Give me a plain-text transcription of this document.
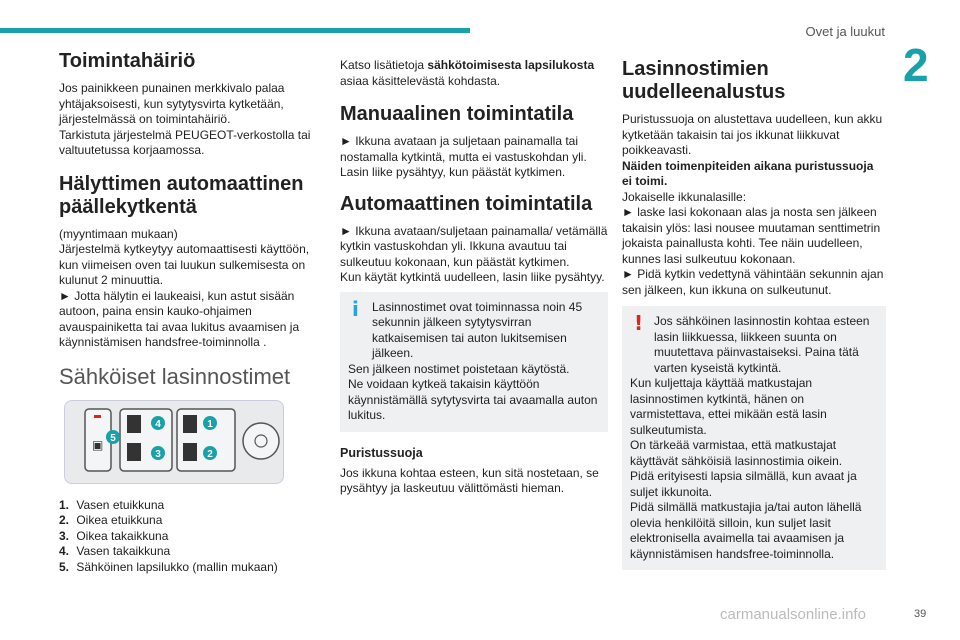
Ovet ja luukut
2
Toimintahäiriö

Jos painikkeen punainen merkkivalo palaa yhtäjaksoisesti, kun sytytysvirta kytketään, järjestelmässä on toimintahäiriö.

Tarkistuta järjestelmä PEUGEOT-verkostolla tai valtuutetussa korjaamossa.

Hälyttimen automaattinen päällekytkentä

(myyntimaan mukaan)

Järjestelmä kytkeytyy automaattisesti käyttöön, kun viimeisen oven tai luukun sulkemisesta on kulunut 2 minuuttia.

► Jotta hälytin ei laukeaisi, kun astut sisään autoon, paina ensin kauko-ohjaimen avauspainiketta tai avaa lukitus avaamisen ja käynnistämisen handsfree-toiminnolla .

Sähköiset lasinnostimet
▣
1
2
3
4
5
1. Vasen etuikkuna
2. Oikea etuikkuna
3. Oikea takaikkuna
4. Vasen takaikkuna
5. Sähköinen lapsilukko (mallin mukaan)

Katso lisätietoja sähkötoimisesta lapsilukosta asiaa käsittelevästä kohdasta.

Manuaalinen toimintatila

► Ikkuna avataan ja suljetaan painamalla tai nostamalla kytkintä, mutta ei vastuskohdan yli. Lasin liike pysähtyy, kun päästät kytkimen.

Automaattinen toimintatila

► Ikkuna avataan/suljetaan painamalla/ vetämällä kytkin vastuskohdan yli. Ikkuna avautuu tai sulkeutuu kokonaan, kun päästät kytkimen.

Kun käytät kytkintä uudelleen, lasin liike pysähtyy.

i	Lasinnostimet ovat toiminnassa noin 45 sekunnin jälkeen sytytysvirran katkaisemisen tai auton lukitsemisen jälkeen.
Sen jälkeen nostimet poistetaan käytöstä.
Ne voidaan kytkeä takaisin käyttöön käynnistämällä sytytysvirta tai avaamalla auton lukitus.
Puristussuoja

Jos ikkuna kohtaa esteen, kun sitä nostetaan, se pysähtyy ja laskeutuu välittömästi hieman.

Lasinnostimien uudelleenalustus

Puristussuoja on alustettava uudelleen, kun akku kytketään takaisin tai jos ikkunat liikkuvat poikkeavasti.

Näiden toimenpiteiden aikana puristussuoja ei toimi.

Jokaiselle ikkunalasille:

► laske lasi kokonaan alas ja nosta sen jälkeen takaisin ylös: lasi nousee muutaman senttimetrin jokaista painallusta kohti. Tee näin uudelleen, kunnes lasi sulkeutuu kokonaan.

► Pidä kytkin vedettynä vähintään sekunnin ajan sen jälkeen, kun ikkuna on sulkeutunut.

! Jos sähköinen lasinnostin kohtaa esteen lasin liikkuessa, liikkeen suunta on muutettava päinvastaiseksi. Paina tätä varten kyseistä kytkintä.
Kun kuljettaja käyttää matkustajan lasinnostimen kytkintä, hänen on varmistettava, ettei mikään estä lasin sulkeutumista.
On tärkeää varmistaa, että matkustajat käyttävät sähköisiä lasinnostimia oikein.
Pidä erityisesti lapsia silmällä, kun avaat ja suljet ikkunoita.
Pidä silmällä matkustajia ja/tai auton lähellä olevia henkilöitä silloin, kun suljet lasit elektronisella avaimella tai avaamisen ja käynnistämisen handsfree-toiminnolla.
carmanualsonline.info	39
